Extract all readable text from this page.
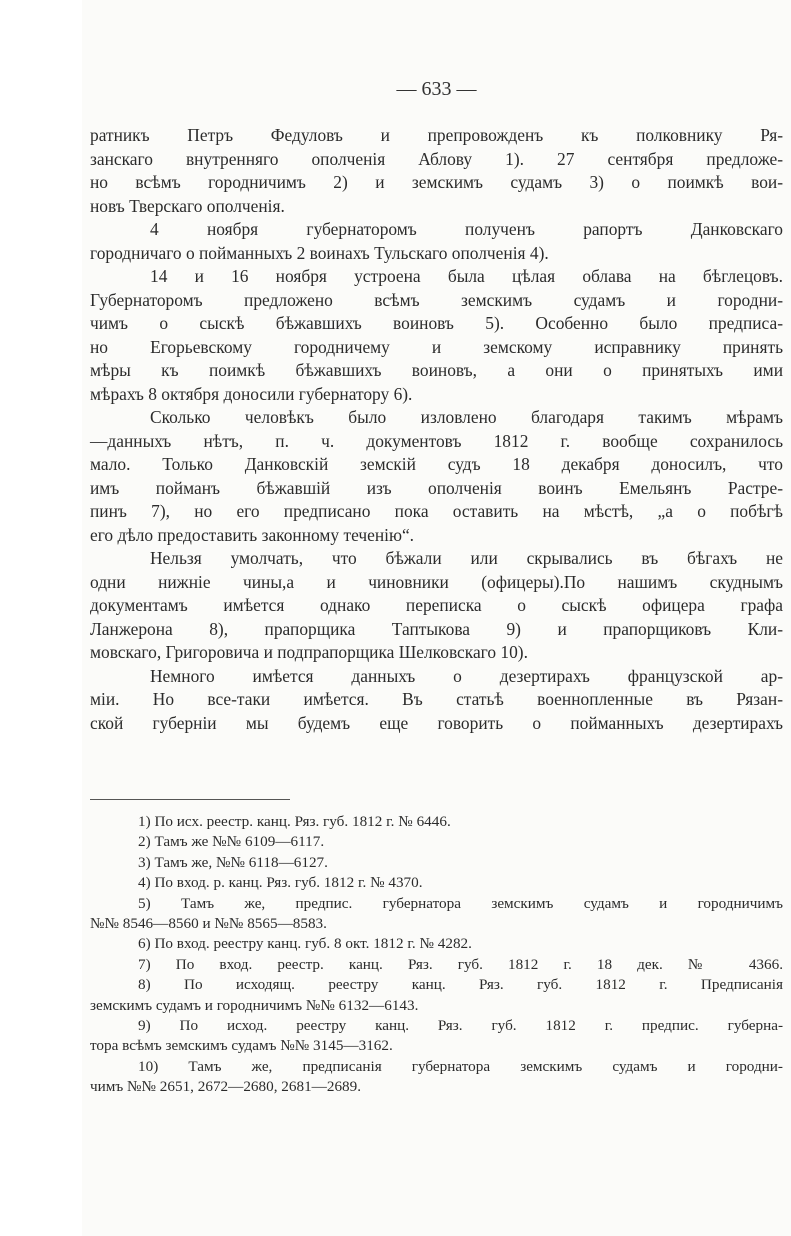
— 633 —
ратникъ Петръ Федуловъ и препровожденъ къ полковнику Ря-
занскаго внутренняго ополченія Аблову 1). 27 сентября предложе-
но всѣмъ городничимъ 2) и земскимъ судамъ 3) о поимкѣ вои-
новъ Тверскаго ополченія.
4 ноября губернаторомъ полученъ рапортъ Данковскаго
городничаго о пойманныхъ 2 воинахъ Тульскаго ополченія 4).
14 и 16 ноября устроена была цѣлая облава на бѣглецовъ.
Губернаторомъ предложено всѣмъ земскимъ судамъ и городни-
чимъ о сыскѣ бѣжавшихъ воиновъ 5). Особенно было предписа-
но Егорьевскому городничему и земскому исправнику принять
мѣры къ поимкѣ бѣжавшихъ воиновъ, а они о принятыхъ ими
мѣрахъ 8 октября доносили губернатору 6).
Сколько человѣкъ было изловлено благодаря такимъ мѣрамъ
—данныхъ нѣтъ, п. ч. документовъ 1812 г. вообще сохранилось
мало. Только Данковскій земскій судъ 18 декабря доносилъ, что
имъ пойманъ бѣжавшій изъ ополченія воинъ Емельянъ Растре-
пинъ 7), но его предписано пока оставить на мѣстѣ, „а о побѣгѣ
его дѣло предоставить законному теченію“.
Нельзя умолчать, что бѣжали или скрывались въ бѣгахъ не
одни нижніе чины,а и чиновники (офицеры).По нашимъ скуднымъ
документамъ имѣется однако переписка о сыскѣ офицера графа
Ланжерона 8), прапорщика Таптыкова 9) и прапорщиковъ Кли-
мовскаго, Григоровича и подпрапорщика Шелковскаго 10).
Немного имѣется данныхъ о дезертирахъ французской ар-
міи. Но все-таки имѣется. Въ статьѣ военнопленные въ Рязан-
ской губерніи мы будемъ еще говорить о пойманныхъ дезертирахъ
1) По исх. реестр. канц. Ряз. губ. 1812 г. № 6446.
2) Тамъ же №№ 6109—6117.
3) Тамъ же, №№ 6118—6127.
4) По вход. р. канц. Ряз. губ. 1812 г. № 4370.
5) Тамъ же, предпис. губернатора земскимъ судамъ и городничимъ
№№ 8546—8560 и №№ 8565—8583.
6) По вход. реестру канц. губ. 8 окт. 1812 г. № 4282.
7) По вход. реестр. канц. Ряз. губ. 1812 г. 18 дек. № 4366.
8) По исходящ. реестру канц. Ряз. губ. 1812 г. Предписанія
земскимъ судамъ и городничимъ №№ 6132—6143.
9) По исход. реестру канц. Ряз. губ. 1812 г. предпис. губерна-
тора всѣмъ земскимъ судамъ №№ 3145—3162.
10) Тамъ же, предписанія губернатора земскимъ судамъ и городни-
чимъ №№ 2651, 2672—2680, 2681—2689.
